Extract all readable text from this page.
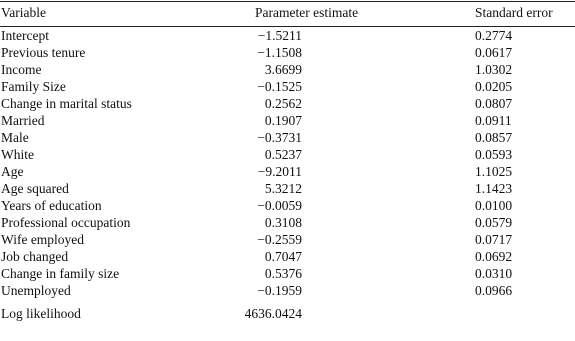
Variable	Parameter estimate	Standard error
Intercept	−1.5211	0.2774
Previous tenure	−1.1508	0.0617
Income	3.6699	1.0302
Family Size	−0.1525	0.0205
Change in marital status	0.2562	0.0807
Married	0.1907	0.0911
Male	−0.3731	0.0857
White	0.5237	0.0593
Age	−9.2011	1.1025
Age squared	5.3212	1.1423
Years of education	−0.0059	0.0100
Professional occupation	0.3108	0.0579
Wife employed	−0.2559	0.0717
Job changed	0.7047	0.0692
Change in family size	0.5376	0.0310
Unemployed	−0.1959	0.0966
Log likelihood	4636.0424
